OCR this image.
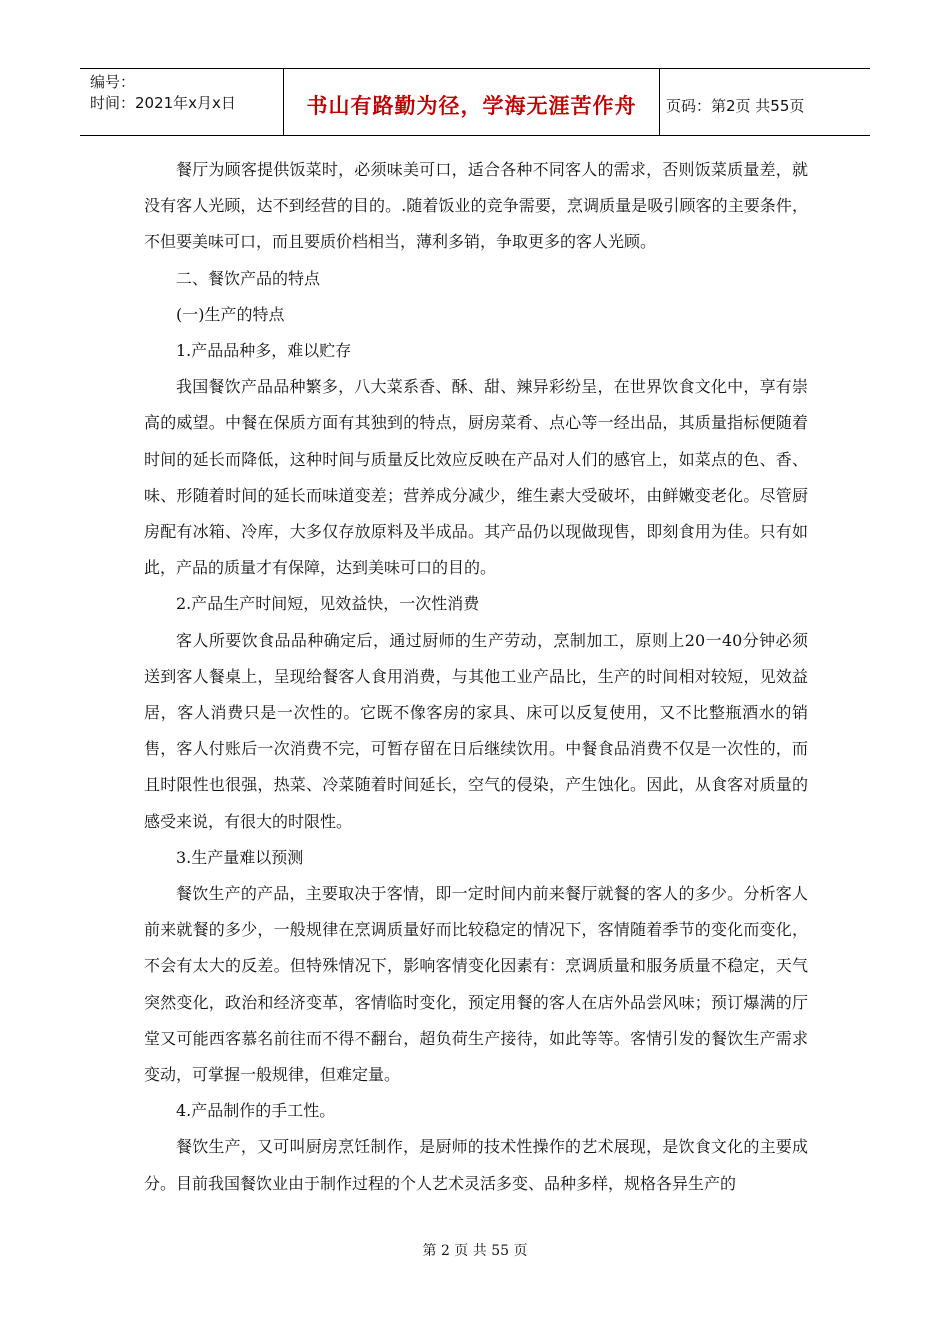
编号：
时间：2021年x月x日	书山有路勤为径，学海无涯苦作舟 页码：第2页 共55页

餐厅为顾客提供饭菜时，必须味美可口，适合各种不同客人的需求，否则饭菜质量差，就没有客人光顾，达不到经营的目的。.随着饭业的竞争需要，烹调质量是吸引顾客的主要条件，不但要美味可口，而且要质价档相当，薄利多销，争取更多的客人光顾。

二、餐饮产品的特点

(一)生产的特点

1.产品品种多，难以贮存

我国餐饮产品品种繁多，八大菜系香、酥、甜、辣异彩纷呈，在世界饮食文化中，享有崇高的威望。中餐在保质方面有其独到的特点，厨房菜肴、点心等一经出品，其质量指标便随着时间的延长而降低，这种时间与质量反比效应反映在产品对人们的感官上，如菜点的色、香、味、形随着时间的延长而味道变差；营养成分减少，维生素大受破坏，由鲜嫩变老化。尽管厨房配有冰箱、冷库，大多仅存放原料及半成品。其产品仍以现做现售，即刻食用为佳。只有如此，产品的质量才有保障，达到美味可口的目的。

2.产品生产时间短，见效益快，一次性消费

客人所要饮食品品种确定后，通过厨师的生产劳动，烹制加工，原则上20一40分钟必须送到客人餐桌上，呈现给餐客人食用消费，与其他工业产品比，生产的时间相对较短，见效益居，客人消费只是一次性的。它既不像客房的家具、床可以反复使用，又不比整瓶酒水的销售，客人付账后一次消费不完，可暂存留在日后继续饮用。中餐食品消费不仅是一次性的，而且时限性也很强，热菜、冷菜随着时间延长，空气的侵染，产生蚀化。因此，从食客对质量的感受来说，有很大的时限性。

3.生产量难以预测

餐饮生产的产品，主要取决于客情，即一定时间内前来餐厅就餐的客人的多少。分析客人前来就餐的多少，一般规律在烹调质量好而比较稳定的情况下，客情随着季节的变化而变化，不会有太大的反差。但特殊情况下，影响客情变化因素有：烹调质量和服务质量不稳定，天气突然变化，政治和经济变革，客情临时变化，预定用餐的客人在店外品尝风味；预订爆满的厅堂又可能西客慕名前往而不得不翻台，超负荷生产接待，如此等等。客情引发的餐饮生产需求变动，可掌握一般规律，但难定量。

4.产品制作的手工性。

餐饮生产，又可叫厨房烹饪制作，是厨师的技术性操作的艺术展现，是饮食文化的主要成分。目前我国餐饮业由于制作过程的个人艺术灵活多变、品种多样，规格各异生产的

第 2 页 共 55 页
